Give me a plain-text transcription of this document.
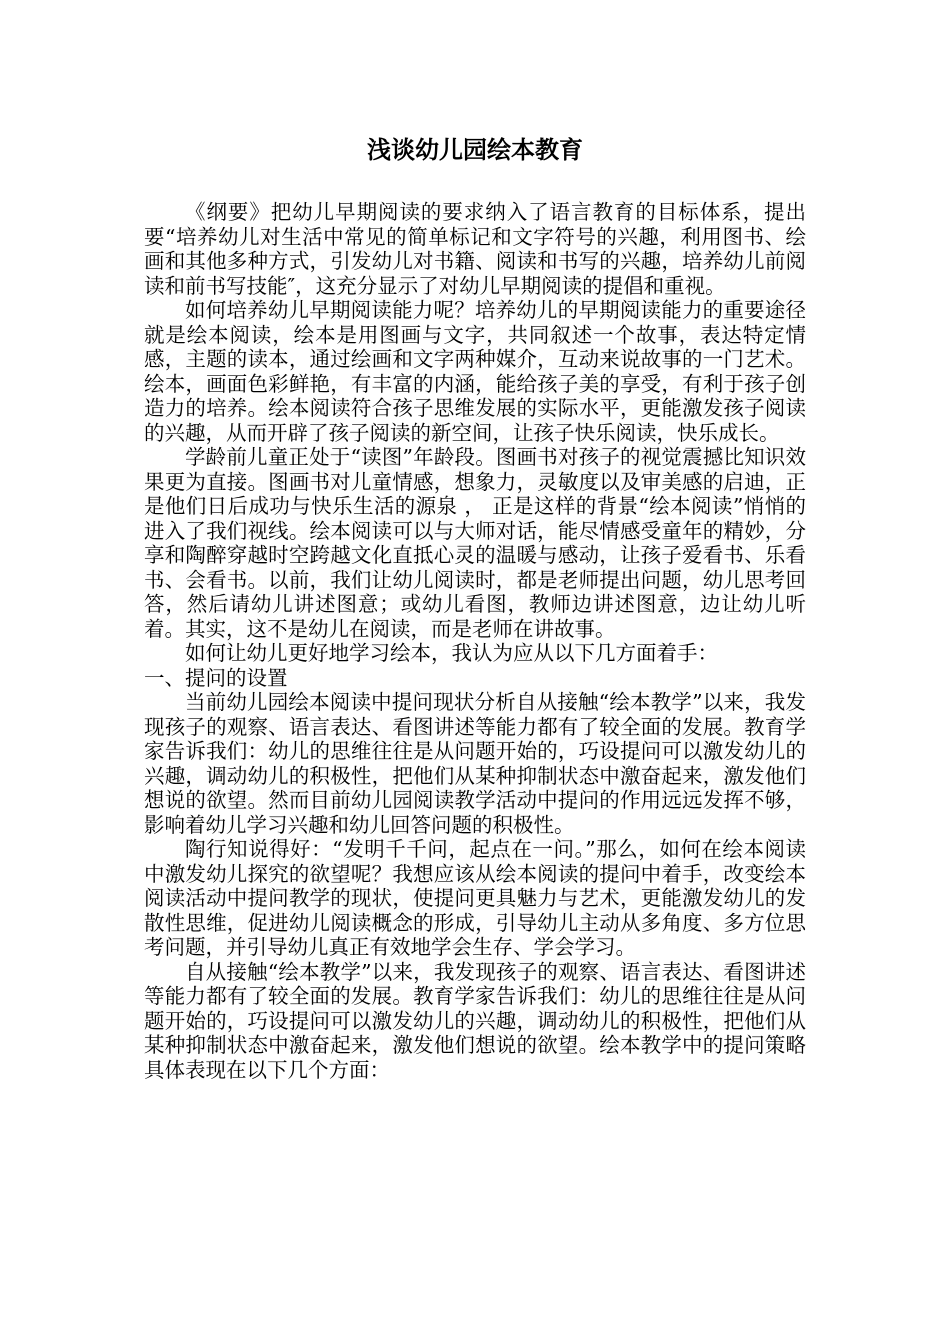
浅谈幼儿园绘本教育

《纲要》把幼儿早期阅读的要求纳入了语言教育的目标体系，提出要“培养幼儿对生活中常见的简单标记和文字符号的兴趣，利用图书、绘画和其他多种方式，引发幼儿对书籍、阅读和书写的兴趣，培养幼儿前阅读和前书写技能″，这充分显示了对幼儿早期阅读的提倡和重视。

如何培养幼儿早期阅读能力呢？培养幼儿的早期阅读能力的重要途径就是绘本阅读，绘本是用图画与文字，共同叙述一个故事，表达特定情感，主题的读本，通过绘画和文字两种媒介，互动来说故事的一门艺术。绘本，画面色彩鲜艳，有丰富的内涵，能给孩子美的享受，有利于孩子创造力的培养。绘本阅读符合孩子思维发展的实际水平，更能激发孩子阅读的兴趣，从而开辟了孩子阅读的新空间，让孩子快乐阅读，快乐成长。

学龄前儿童正处于“读图”年龄段。图画书对孩子的视觉震撼比知识效果更为直接。图画书对儿童情感，想象力，灵敏度以及审美感的启迪，正是他们日后成功与快乐生活的源泉 ， 正是这样的背景“绘本阅读”悄悄的进入了我们视线。绘本阅读可以与大师对话，能尽情感受童年的精妙，分享和陶醉穿越时空跨越文化直抵心灵的温暖与感动，让孩子爱看书、乐看书、会看书。以前，我们让幼儿阅读时，都是老师提出问题，幼儿思考回答，然后请幼儿讲述图意；或幼儿看图，教师边讲述图意，边让幼儿听着。其实，这不是幼儿在阅读，而是老师在讲故事。

如何让幼儿更好地学习绘本，我认为应从以下几方面着手：

一、提问的设置

当前幼儿园绘本阅读中提问现状分析自从接触“绘本教学”以来，我发现孩子的观察、语言表达、看图讲述等能力都有了较全面的发展。教育学家告诉我们：幼儿的思维往往是从问题开始的，巧设提问可以激发幼儿的兴趣，调动幼儿的积极性，把他们从某种抑制状态中激奋起来，激发他们想说的欲望。然而目前幼儿园阅读教学活动中提问的作用远远发挥不够，影响着幼儿学习兴趣和幼儿回答问题的积极性。

陶行知说得好：“发明千千问，起点在一问。”那么，如何在绘本阅读中激发幼儿探究的欲望呢？我想应该从绘本阅读的提问中着手，改变绘本阅读活动中提问教学的现状，使提问更具魅力与艺术，更能激发幼儿的发散性思维，促进幼儿阅读概念的形成，引导幼儿主动从多角度、多方位思考问题，并引导幼儿真正有效地学会生存、学会学习。

自从接触“绘本教学”以来，我发现孩子的观察、语言表达、看图讲述等能力都有了较全面的发展。教育学家告诉我们：幼儿的思维往往是从问题开始的，巧设提问可以激发幼儿的兴趣，调动幼儿的积极性，把他们从某种抑制状态中激奋起来，激发他们想说的欲望。绘本教学中的提问策略具体表现在以下几个方面：
